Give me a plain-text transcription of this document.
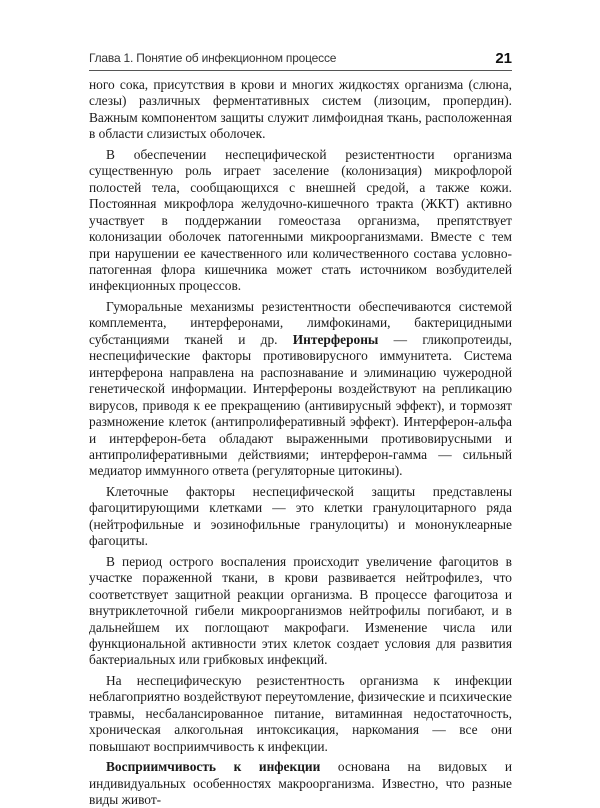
Глава 1. Понятие об инфекционном процессе	21

ного сока, присутствия в крови и многих жидкостях организма (слюна, слезы) различных ферментативных систем (лизоцим, пропердин). Важным компонентом защиты служит лимфоидная ткань, расположенная в области слизистых оболочек.

В обеспечении неспецифической резистентности организма существенную роль играет заселение (колонизация) микрофлорой полостей тела, сообщающихся с внешней средой, а также кожи. Постоянная микрофлора желудочно-кишечного тракта (ЖКТ) активно участвует в поддержании гомеостаза организма, препятствует колонизации оболочек патогенными микроорганизмами. Вместе с тем при нарушении ее качественного или количественного состава условно-патогенная флора кишечника может стать источником возбудителей инфекционных процессов.

Гуморальные механизмы резистентности обеспечиваются системой комплемента, интерферонами, лимфокинами, бактерицидными субстанциями тканей и др. Интерфероны — гликопротеиды, неспецифические факторы противовирусного иммунитета. Система интерферона направлена на распознавание и элиминацию чужеродной генетической информации. Интерфероны воздействуют на репликацию вирусов, приводя к ее прекращению (антивирусный эффект), и тормозят размножение клеток (антипролиферативный эффект). Интерферон-альфа и интерферон-бета обладают выраженными противовирусными и антипролиферативными действиями; интерферон-гамма — сильный медиатор иммунного ответа (регуляторные цитокины).

Клеточные факторы неспецифической защиты представлены фагоцитирующими клетками — это клетки гранулоцитарного ряда (нейтрофильные и эозинофильные гранулоциты) и мононуклеарные фагоциты.

В период острого воспаления происходит увеличение фагоцитов в участке пораженной ткани, в крови развивается нейтрофилез, что соответствует защитной реакции организма. В процессе фагоцитоза и внутриклеточной гибели микроорганизмов нейтрофилы погибают, и в дальнейшем их поглощают макрофаги. Изменение числа или функциональной активности этих клеток создает условия для развития бактериальных или грибковых инфекций.

На неспецифическую резистентность организма к инфекции неблагоприятно воздействуют переутомление, физические и психические травмы, несбалансированное питание, витаминная недостаточность, хроническая алкогольная интоксикация, наркомания — все они повышают восприимчивость к инфекции.

Восприимчивость к инфекции основана на видовых и индивидуальных особенностях макроорганизма. Известно, что разные виды живот-
